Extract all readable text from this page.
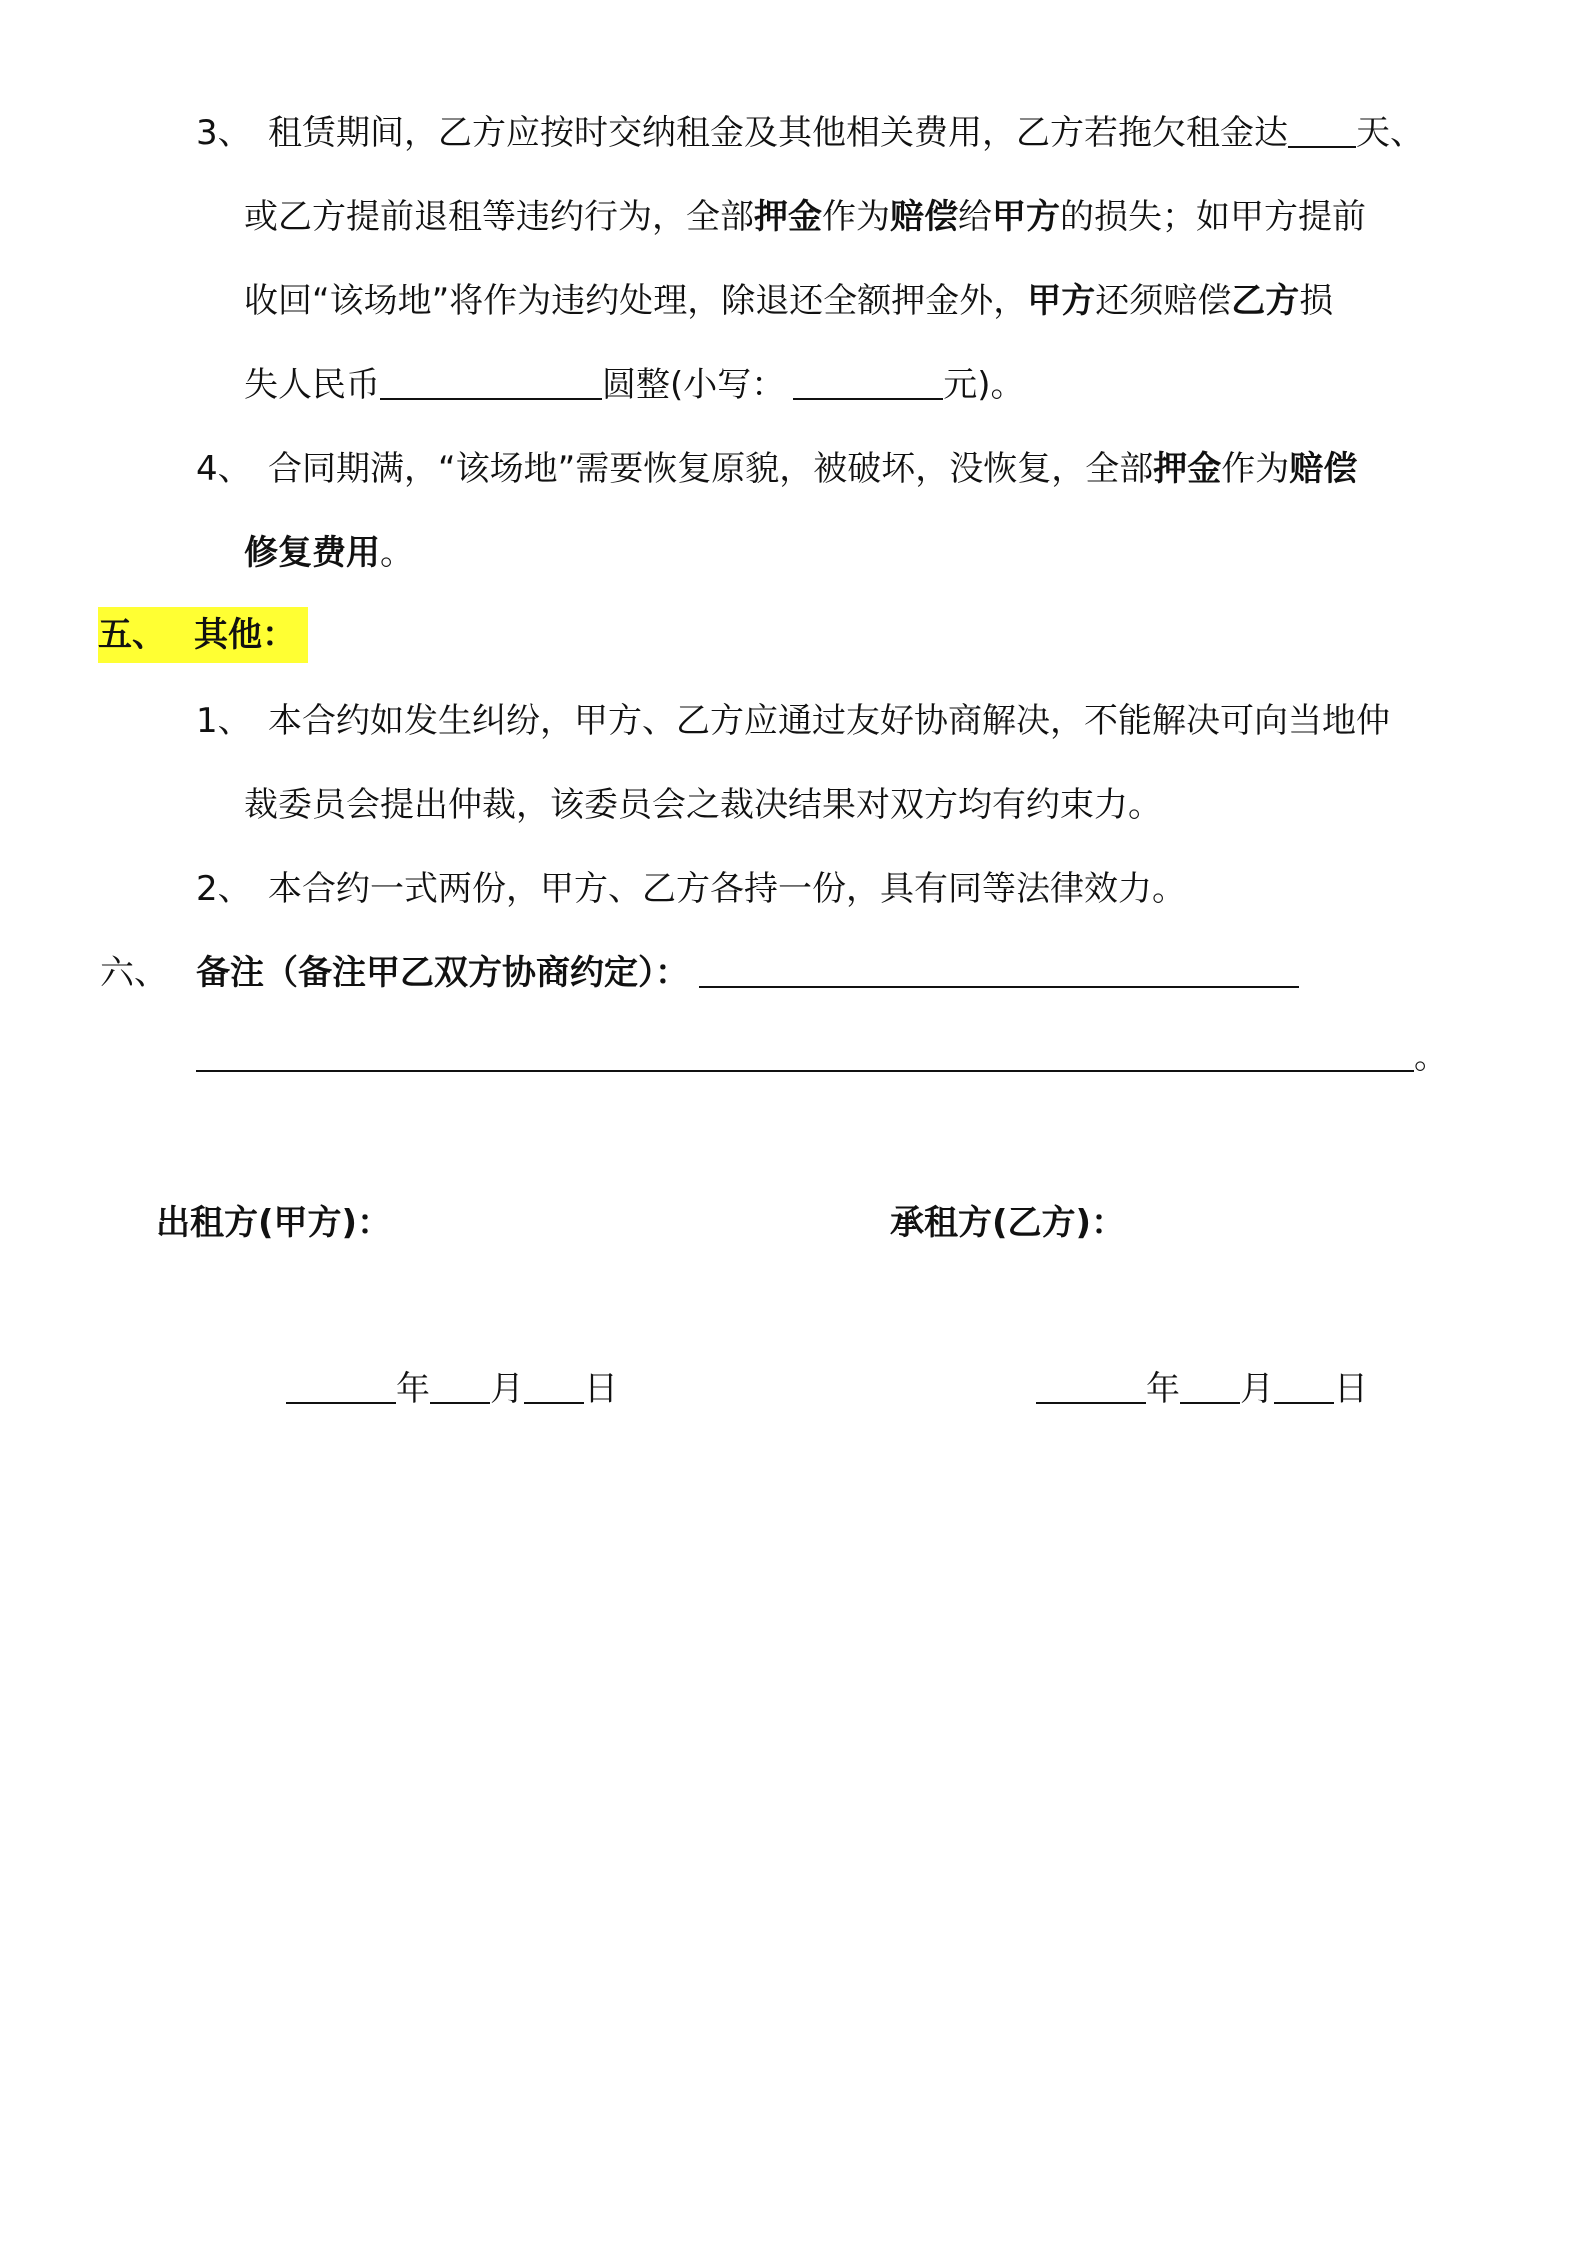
3、 租赁期间，乙方应按时交纳租金及其他相关费用，乙方若拖欠租金达 天、
或乙方提前退租等违约行为，全部押金作为赔偿给甲方的损失；如甲方提前
收回“该场地”将作为违约处理，除退还全额押金外，甲方还须赔偿乙方损
失人民币	圆整(小写：	元)。
4、 合同期满，“该场地”需要恢复原貌，被破坏，没恢复，全部押金作为赔偿
修复费用。
五、 其他：
1、 本合约如发生纠纷，甲方、乙方应通过友好协商解决，不能解决可向当地仲
裁委员会提出仲裁，该委员会之裁决结果对双方均有约束力。
2、 本合约一式两份，甲方、乙方各持一份，具有同等法律效力。
六、 备注（备注甲乙双方协商约定）：
。
出租方(甲方)：	承租方(乙方)：
年 月 日	年 月 日
